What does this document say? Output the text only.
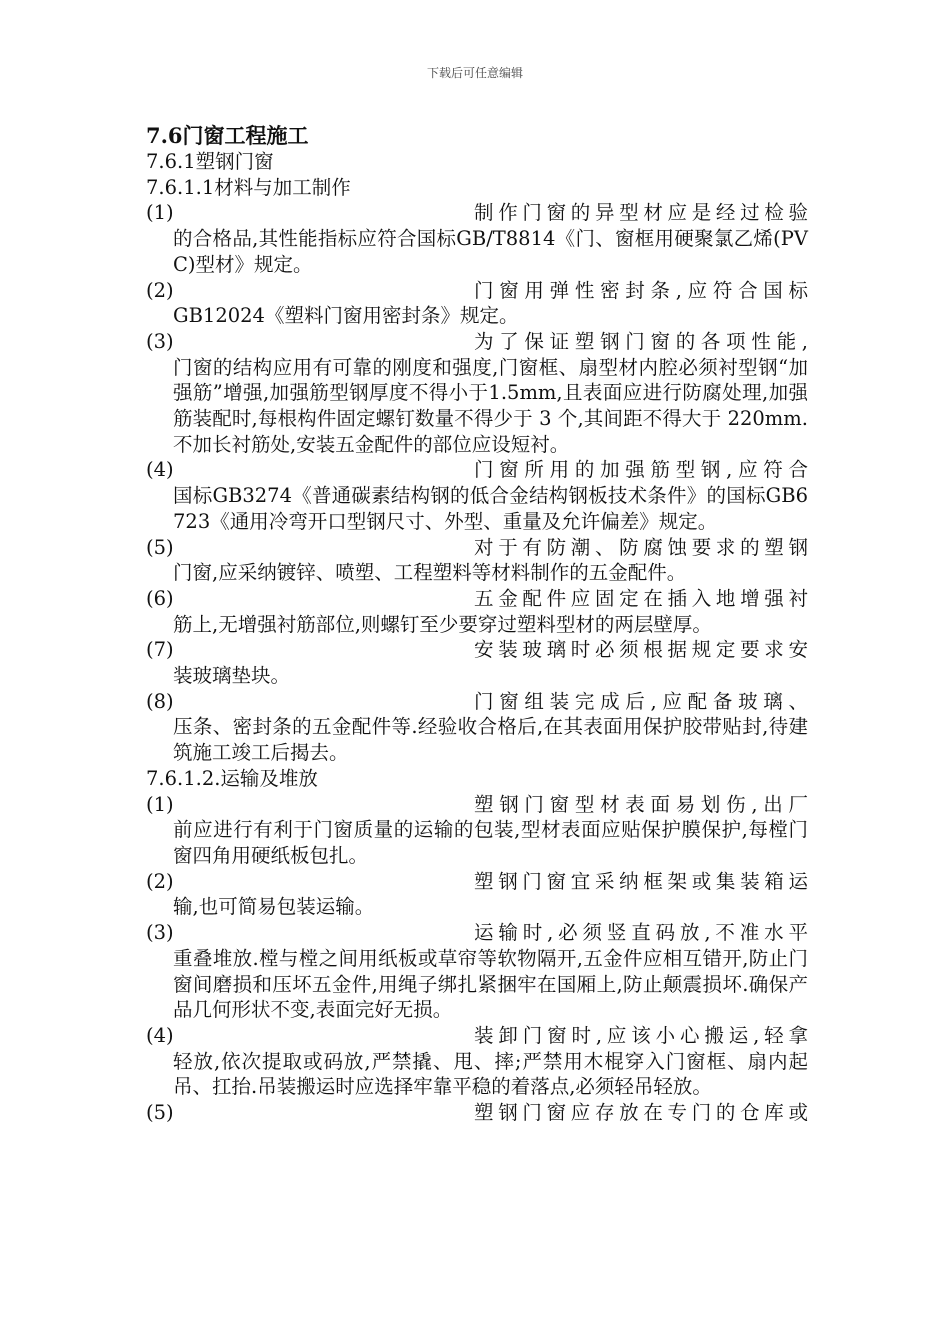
下载后可任意编辑
7.6门窗工程施工
7.6.1塑钢门窗
7.6.1.1材料与加工制作
(1)	制作门窗的异型材应是经过检验
的合格品,其性能指标应符合国标GB/T8814《门、窗框用硬聚氯乙烯(PVC)型材》规定。
(2)	门窗用弹性密封条,应符合国标
GB12024《塑料门窗用密封条》规定。
(3)	为了保证塑钢门窗的各项性能,
门窗的结构应用有可靠的刚度和强度,门窗框、扇型材内腔必须衬型钢“加强筋”增强,加强筋型钢厚度不得小于1.5mm,且表面应进行防腐处理,加强筋装配时,每根构件固定螺钉数量不得少于 3 个,其间距不得大于 220mm.不加长衬筋处,安装五金配件的部位应设短衬。
(4)	门窗所用的加强筋型钢,应符合
国标GB3274《普通碳素结构钢的低合金结构钢板技术条件》的国标GB6723《通用冷弯开口型钢尺寸、外型、重量及允许偏差》规定。
(5)	对于有防潮、防腐蚀要求的塑钢
门窗,应采纳镀锌、喷塑、工程塑料等材料制作的五金配件。
(6)	五金配件应固定在插入地增强衬
筋上,无增强衬筋部位,则螺钉至少要穿过塑料型材的两层壁厚。
(7)	安装玻璃时必须根据规定要求安
装玻璃垫块。
(8)	门窗组装完成后,应配备玻璃、
压条、密封条的五金配件等.经验收合格后,在其表面用保护胶带贴封,待建筑施工竣工后揭去。
7.6.1.2.运输及堆放
(1)	塑钢门窗型材表面易划伤,出厂
前应进行有利于门窗质量的运输的包装,型材表面应贴保护膜保护,每樘门窗四角用硬纸板包扎。
(2)	塑钢门窗宜采纳框架或集装箱运
输,也可简易包装运输。
(3)	运输时,必须竖直码放,不准水平
重叠堆放.樘与樘之间用纸板或草帘等软物隔开,五金件应相互错开,防止门窗间磨损和压坏五金件,用绳子绑扎紧捆牢在国厢上,防止颠震损坏.确保产品几何形状不变,表面完好无损。
(4)	装卸门窗时,应该小心搬运,轻拿
轻放,依次提取或码放,严禁撬、甩、摔;严禁用木棍穿入门窗框、扇内起吊、扛抬.吊装搬运时应选择牢靠平稳的着落点,必须轻吊轻放。
(5)	塑钢门窗应存放在专门的仓库或
